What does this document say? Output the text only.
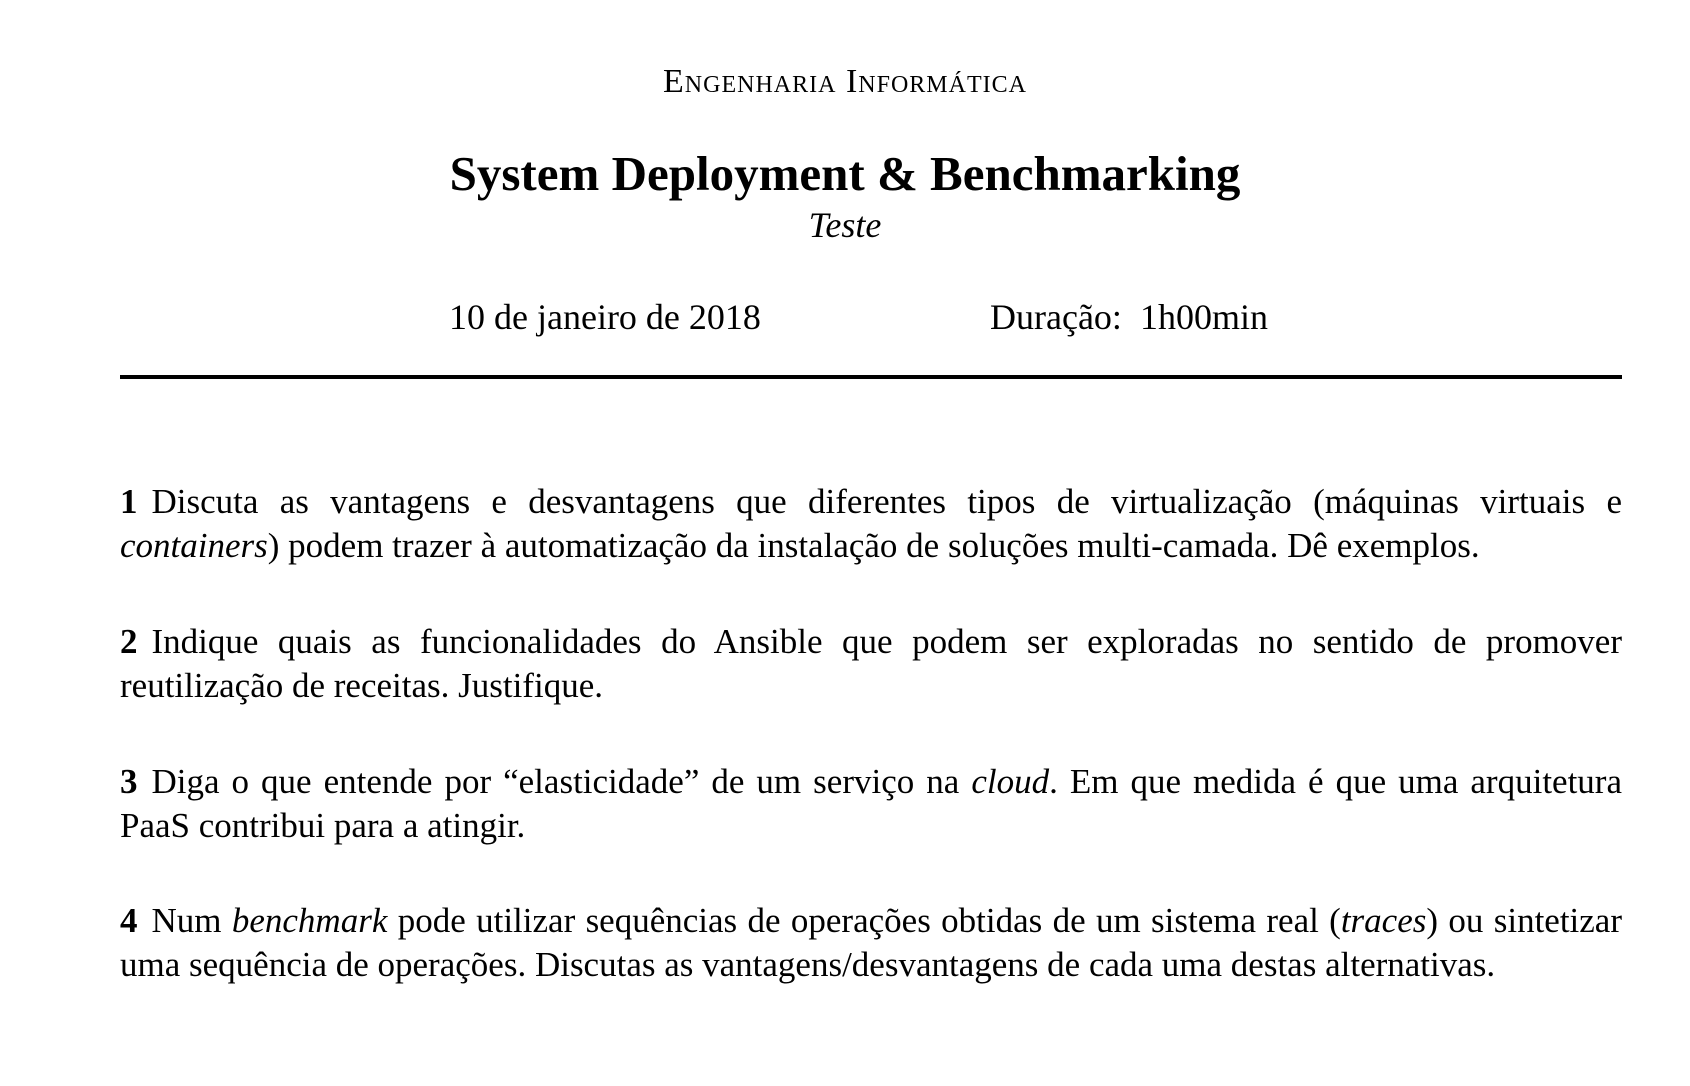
Engenharia Informática
System Deployment & Benchmarking
Teste
10 de janeiro de 2018	Duração: 1h00min
1 Discuta as vantagens e desvantagens que diferentes tipos de virtualização (máquinas virtuais e containers) podem trazer à automatização da instalação de soluções multi-camada. Dê exemplos.
2 Indique quais as funcionalidades do Ansible que podem ser exploradas no sentido de promover reutilização de receitas. Justifique.
3 Diga o que entende por “elasticidade” de um serviço na cloud. Em que medida é que uma arquitetura PaaS contribui para a atingir.
4 Num benchmark pode utilizar sequências de operações obtidas de um sistema real (traces) ou sintetizar uma sequência de operações. Discutas as vantagens/desvantagens de cada uma destas alternativas.
